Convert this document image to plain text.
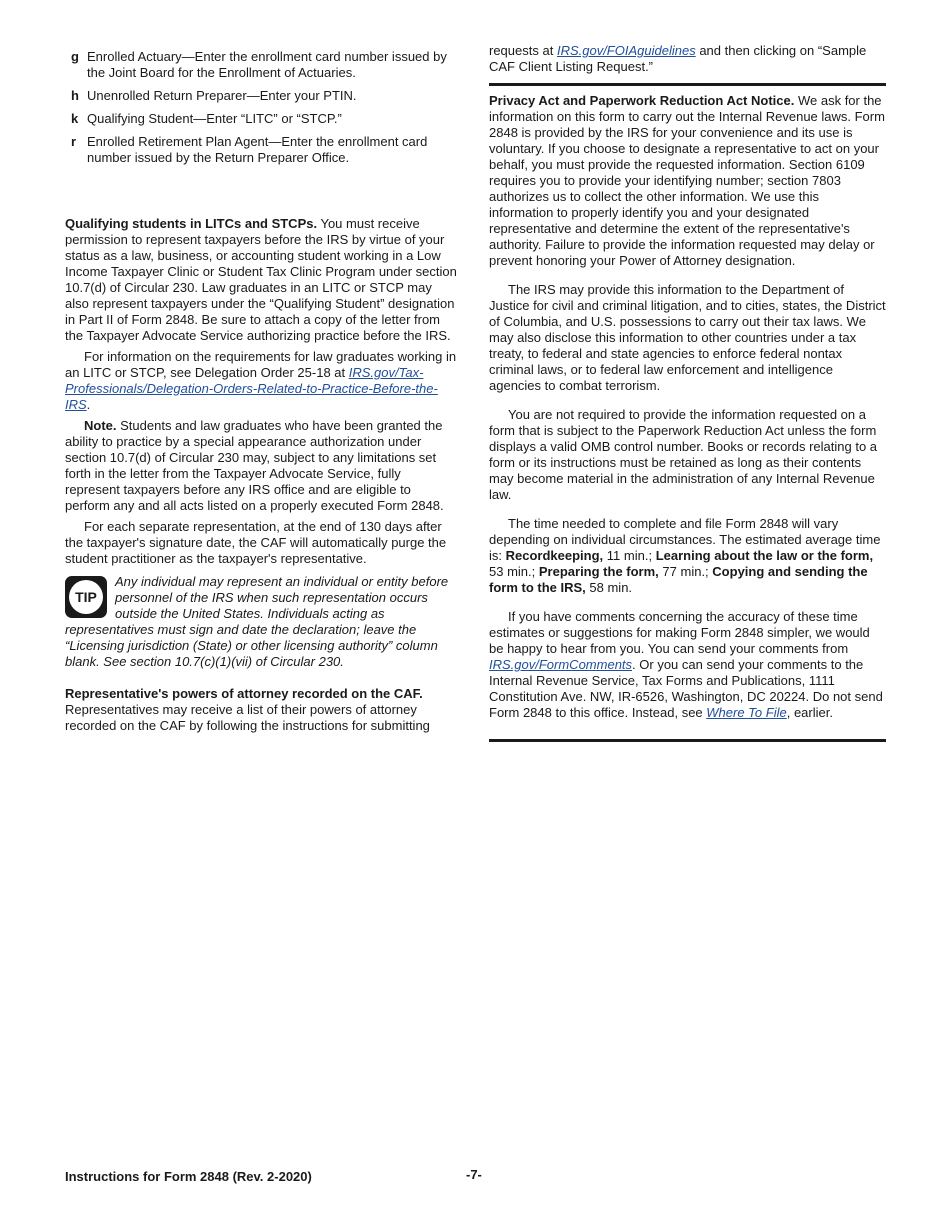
g Enrolled Actuary—Enter the enrollment card number issued by the Joint Board for the Enrollment of Actuaries.
h Unenrolled Return Preparer—Enter your PTIN.
k Qualifying Student—Enter “LITC” or “STCP.”
r Enrolled Retirement Plan Agent—Enter the enrollment card number issued by the Return Preparer Office.

Qualifying students in LITCs and STCPs. You must receive permission to represent taxpayers before the IRS by virtue of your status as a law, business, or accounting student working in a Low Income Taxpayer Clinic or Student Tax Clinic Program under section 10.7(d) of Circular 230. Law graduates in an LITC or STCP may also represent taxpayers under the “Qualifying Student” designation in Part II of Form 2848. Be sure to attach a copy of the letter from the Taxpayer Advocate Service authorizing practice before the IRS.

For information on the requirements for law graduates working in an LITC or STCP, see Delegation Order 25-18 at IRS.gov/Tax-Professionals/Delegation-Orders-Related-to-Practice-Before-the-IRS.

Note. Students and law graduates who have been granted the ability to practice by a special appearance authorization under section 10.7(d) of Circular 230 may, subject to any limitations set forth in the letter from the Taxpayer Advocate Service, fully represent taxpayers before any IRS office and are eligible to perform any and all acts listed on a properly executed Form 2848.

For each separate representation, at the end of 130 days after the taxpayer's signature date, the CAF will automatically purge the student practitioner as the taxpayer's representative.

TIP
Any individual may represent an individual or entity before personnel of the IRS when such representation occurs outside the United States. Individuals acting as representatives must sign and date the declaration; leave the “Licensing jurisdiction (State) or other licensing authority” column blank. See section 10.7(c)(1)(vii) of Circular 230.

Representative's powers of attorney recorded on the CAF. Representatives may receive a list of their powers of attorney recorded on the CAF by following the instructions for submitting

requests at IRS.gov/FOIAguidelines and then clicking on “Sample CAF Client Listing Request.”

Privacy Act and Paperwork Reduction Act Notice. We ask for the information on this form to carry out the Internal Revenue laws. Form 2848 is provided by the IRS for your convenience and its use is voluntary. If you choose to designate a representative to act on your behalf, you must provide the requested information. Section 6109 requires you to provide your identifying number; section 7803 authorizes us to collect the other information. We use this information to properly identify you and your designated representative and determine the extent of the representative's authority. Failure to provide the information requested may delay or prevent honoring your Power of Attorney designation.

The IRS may provide this information to the Department of Justice for civil and criminal litigation, and to cities, states, the District of Columbia, and U.S. possessions to carry out their tax laws. We may also disclose this information to other countries under a tax treaty, to federal and state agencies to enforce federal nontax criminal laws, or to federal law enforcement and intelligence agencies to combat terrorism.

You are not required to provide the information requested on a form that is subject to the Paperwork Reduction Act unless the form displays a valid OMB control number. Books or records relating to a form or its instructions must be retained as long as their contents may become material in the administration of any Internal Revenue law.

The time needed to complete and file Form 2848 will vary depending on individual circumstances. The estimated average time is: Recordkeeping, 11 min.; Learning about the law or the form, 53 min.; Preparing the form, 77 min.; Copying and sending the form to the IRS, 58 min.

If you have comments concerning the accuracy of these time estimates or suggestions for making Form 2848 simpler, we would be happy to hear from you. You can send your comments from IRS.gov/FormComments. Or you can send your comments to the Internal Revenue Service, Tax Forms and Publications, 1111 Constitution Ave. NW, IR-6526, Washington, DC 20224. Do not send Form 2848 to this office. Instead, see Where To File, earlier.

Instructions for Form 2848 (Rev. 2-2020)	-7-
